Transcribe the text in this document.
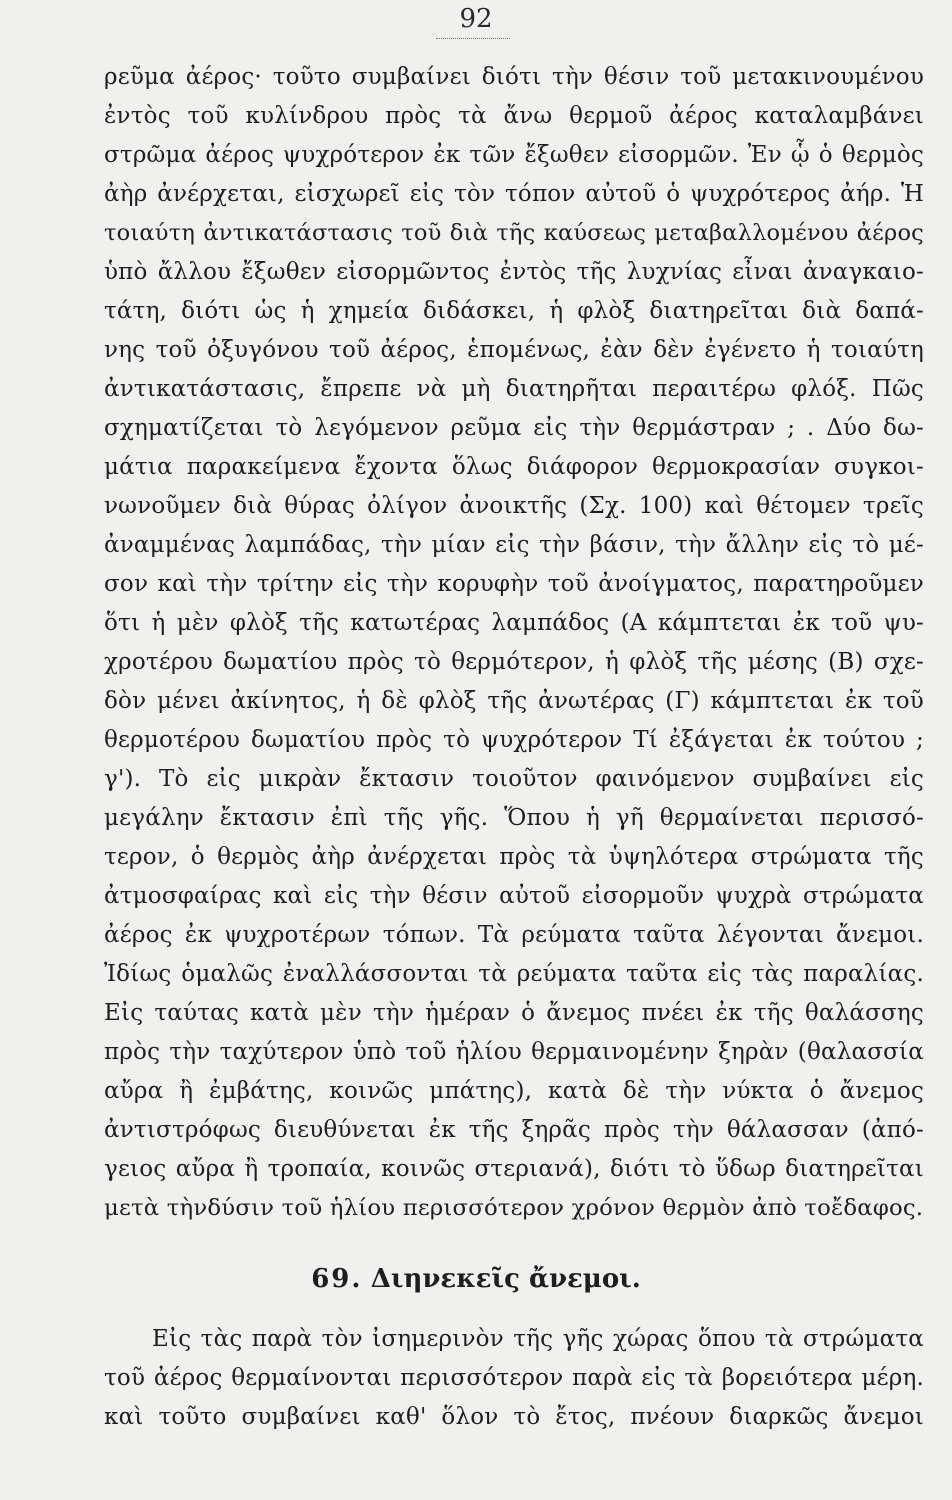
92
ρεῦμα ἀέρος· τοῦτο συμβαίνει διότι τὴν θέσιν τοῦ μετακινουμένου
ἐντὸς τοῦ κυλίνδρου πρὸς τὰ ἄνω θερμοῦ ἀέρος καταλαμβάνει
στρῶμα ἀέρος ψυχρότερον ἐκ τῶν ἔξωθεν εἰσορμῶν. Ἐν ᾧ ὁ θερμὸς
ἀὴρ ἀνέρχεται, εἰσχωρεῖ εἰς τὸν τόπον αὐτοῦ ὁ ψυχρότερος ἀήρ. Ἡ
τοιαύτη ἀντικατάστασις τοῦ διὰ τῆς καύσεως μεταβαλλομένου ἀέρος
ὑπὸ ἄλλου ἔξωθεν εἰσορμῶντος ἐντὸς τῆς λυχνίας εἶναι ἀναγκαιο-
τάτη, διότι ὡς ἡ χημεία διδάσκει, ἡ φλὸξ διατηρεῖται διὰ δαπά-
νης τοῦ ὀξυγόνου τοῦ ἀέρος, ἑπομένως, ἐὰν δὲν ἐγένετο ἡ τοιαύτη
ἀντικατάστασις, ἔπρεπε νὰ μὴ διατηρῆται περαιτέρω φλόξ. Πῶς
σχηματίζεται τὸ λεγόμενον ρεῦμα εἰς τὴν θερμάστραν ; . Δύο δω-
μάτια παρακείμενα ἔχοντα ὅλως διάφορον θερμοκρασίαν συγκοι-
νωνοῦμεν διὰ θύρας ὀλίγον ἀνοικτῆς (Σχ. 100) καὶ θέτομεν τρεῖς
ἀναμμένας λαμπάδας, τὴν μίαν εἰς τὴν βάσιν, τὴν ἄλλην εἰς τὸ μέ-
σον καὶ τὴν τρίτην εἰς τὴν κορυφὴν τοῦ ἀνοίγματος, παρατηροῦμεν
ὅτι ἡ μὲν φλὸξ τῆς κατωτέρας λαμπάδος (Α κάμπτεται ἐκ τοῦ ψυ-
χροτέρου δωματίου πρὸς τὸ θερμότερον, ἡ φλὸξ τῆς μέσης (Β) σχε-
δὸν μένει ἀκίνητος, ἡ δὲ φλὸξ τῆς ἀνωτέρας (Γ) κάμπτεται ἐκ τοῦ
θερμοτέρου δωματίου πρὸς τὸ ψυχρότερον Τί ἐξάγεται ἐκ τούτου ;
γ'). Τὸ εἰς μικρὰν ἔκτασιν τοιοῦτον φαινόμενον συμβαίνει εἰς
μεγάλην ἔκτασιν ἐπὶ τῆς γῆς. Ὅπου ἡ γῆ θερμαίνεται περισσό-
τερον, ὁ θερμὸς ἀὴρ ἀνέρχεται πρὸς τὰ ὑψηλότερα στρώματα τῆς
ἀτμοσφαίρας καὶ εἰς τὴν θέσιν αὐτοῦ εἰσορμοῦν ψυχρὰ στρώματα
ἀέρος ἐκ ψυχροτέρων τόπων. Τὰ ρεύματα ταῦτα λέγονται ἄνεμοι.
Ἰδίως ὁμαλῶς ἐναλλάσσονται τὰ ρεύματα ταῦτα εἰς τὰς παραλίας.
Εἰς ταύτας κατὰ μὲν τὴν ἡμέραν ὁ ἄνεμος πνέει ἐκ τῆς θαλάσσης
πρὸς τὴν ταχύτερον ὑπὸ τοῦ ἡλίου θερμαινομένην ξηρὰν (θαλασσία
αὔρα ἢ ἐμβάτης, κοινῶς μπάτης), κατὰ δὲ τὴν νύκτα ὁ ἄνεμος
ἀντιστρόφως διευθύνεται ἐκ τῆς ξηρᾶς πρὸς τὴν θάλασσαν (ἀπό-
γειος αὔρα ἢ τροπαία, κοινῶς στεριανά), διότι τὸ ὕδωρ διατηρεῖται
μετὰ τὴνδύσιν τοῦ ἡλίου περισσότερον χρόνον θερμὸν ἀπὸ τοἔδαφος.
69. Διηνεκεῖς ἄνεμοι.
Εἰς τὰς παρὰ τὸν ἰσημερινὸν τῆς γῆς χώρας ὅπου τὰ στρώματα
τοῦ ἀέρος θερμαίνονται περισσότερον παρὰ εἰς τὰ βορειότερα μέρη.
καὶ τοῦτο συμβαίνει καθ' ὅλον τὸ ἔτος, πνέουν διαρκῶς ἄνεμοι
